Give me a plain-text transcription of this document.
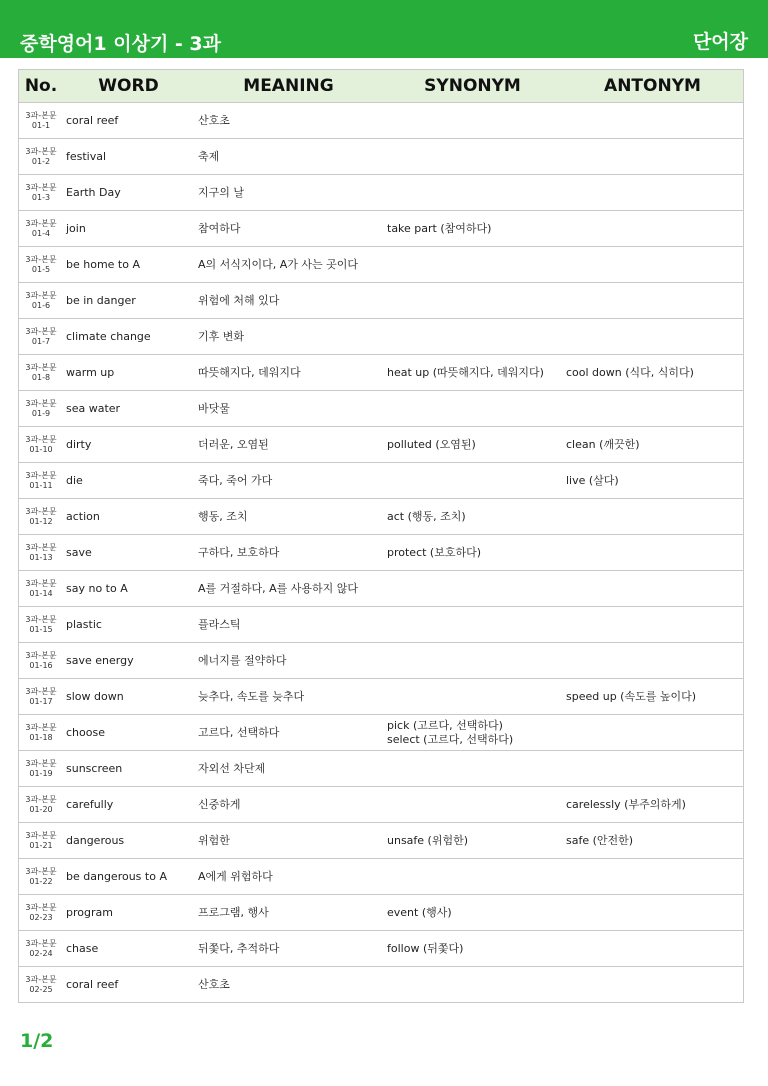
중학영어1 이상기 - 3과	단어장
No.	WORD	MEANING	SYNONYM	ANTONYM

3과-본문
01-1	coral reef	산호초		

3과-본문
01-2	festival	축제		

3과-본문
01-3	Earth Day	지구의 날		

3과-본문
01-4	join	참여하다	take part (참여하다)	

3과-본문
01-5	be home to A	A의 서식지이다, A가 사는 곳이다		

3과-본문
01-6	be in danger	위험에 처해 있다		

3과-본문
01-7	climate change	기후 변화		

3과-본문
01-8	warm up	따뜻해지다, 데워지다	heat up (따뜻해지다, 데워지다)	cool down (식다, 식히다)

3과-본문
01-9	sea water	바닷물		

3과-본문
01-10	dirty	더러운, 오염된	polluted (오염된)	clean (깨끗한)

3과-본문
01-11	die	죽다, 죽어 가다		live (살다)

3과-본문
01-12	action	행동, 조치	act (행동, 조치)	

3과-본문
01-13	save	구하다, 보호하다	protect (보호하다)	

3과-본문
01-14	say no to A	A를 거절하다, A를 사용하지 않다		

3과-본문
01-15	plastic	플라스틱		

3과-본문
01-16	save energy	에너지를 절약하다		

3과-본문
01-17	slow down	늦추다, 속도를 늦추다		speed up (속도를 높이다)

3과-본문
01-18	choose	고르다, 선택하다	pick (고르다, 선택하다)
select (고르다, 선택하다)	

3과-본문
01-19	sunscreen	자외선 차단제		

3과-본문
01-20	carefully	신중하게		carelessly (부주의하게)

3과-본문
01-21	dangerous	위험한	unsafe (위험한)	safe (안전한)

3과-본문
01-22	be dangerous to A	A에게 위험하다		

3과-본문
02-23	program	프로그램, 행사	event (행사)	

3과-본문
02-24	chase	뒤쫓다, 추적하다	follow (뒤쫓다)	

3과-본문
02-25	coral reef	산호초		
1/2
